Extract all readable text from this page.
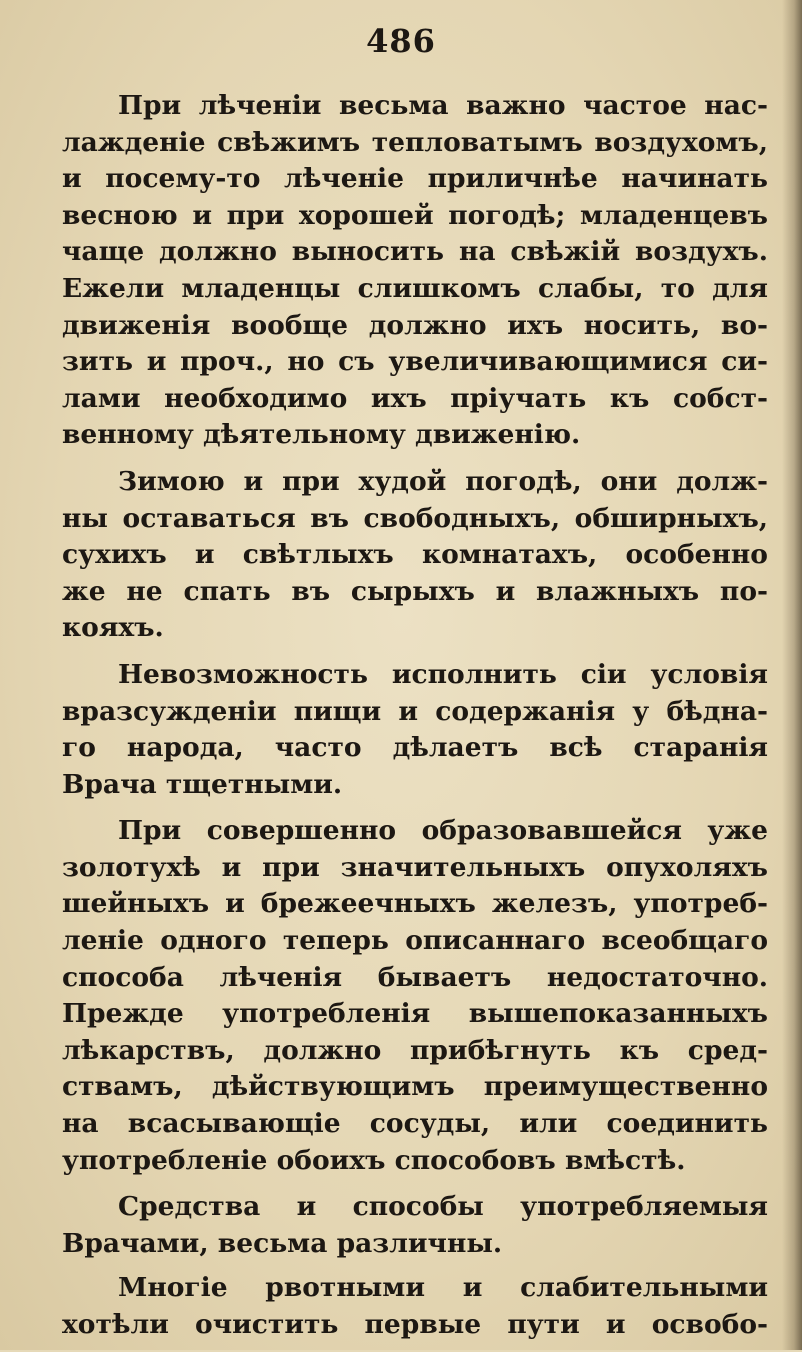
486
При лѣченіи весьма важно частое нас-
лажденіе свѣжимъ тепловатымъ воздухомъ,
и посему-то лѣченіе приличнѣе начинать
весною и при хорошей погодѣ; младенцевъ
чаще должно выносить на свѣжій воздухъ.
Ежели младенцы слишкомъ слабы, то для
движенія вообще должно ихъ носить, во-
зить и проч., но съ увеличивающимися си-
лами необходимо ихъ пріучать къ собст-
венному дѣятельному движенію.
Зимою и при худой погодѣ, они долж-
ны оставаться въ свободныхъ, обширныхъ,
сухихъ и свѣтлыхъ комнатахъ, особенно
же не спать въ сырыхъ и влажныхъ по-
кояхъ.
Невозможность исполнить сіи условія
вразсужденіи пищи и содержанія у бѣдна-
го народа, часто дѣлаетъ всѣ старанія
Врача тщетными.
При совершенно образовавшейся уже
золотухѣ и при значительныхъ опухоляхъ
шейныхъ и брежеечныхъ железъ, употреб-
леніе одного теперь описаннаго всеобщаго
способа лѣченія бываетъ недостаточно.
Прежде употребленія вышепоказанныхъ
лѣкарствъ, должно прибѣгнуть къ сред-
ствамъ, дѣйствующимъ преимущественно
на всасывающіе сосуды, или соединить
употребленіе обоихъ способовъ вмѣстѣ.
Средства и способы употребляемыя
Врачами, весьма различны.
Многіе рвотными и слабительными
хотѣли очистить первые пути и освобо-
